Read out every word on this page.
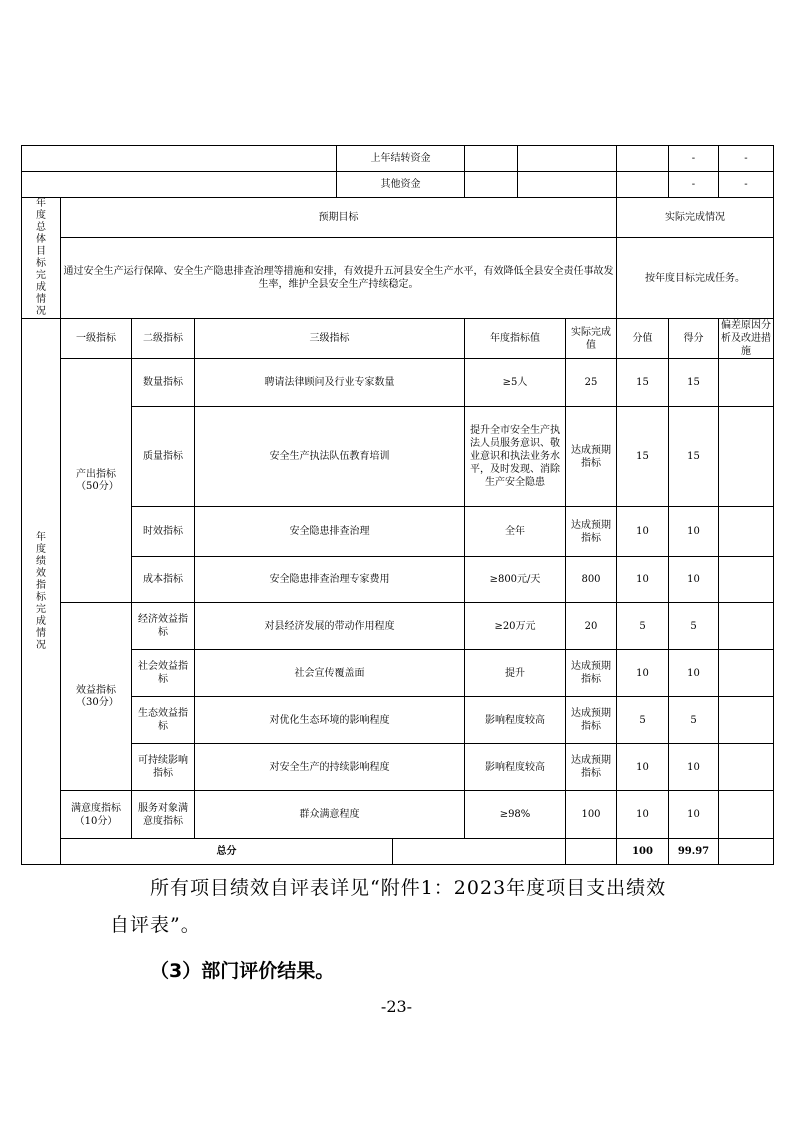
				上年结转资金						-	-
				其他资金						-	-
年度总体目标完成情况	预期目标								实际完成情况		
	通过安全生产运行保障、安全生产隐患排查治理等措施和安排，有效提升五河县安全生产水平，有效降低全县安全责任事故发生率，维护全县安全生产持续稳定。								按年度目标完成任务。		
年度绩效指标完成情况	一级指标	二级指标	三级指标			年度指标值		实际完成值	分值	得分	偏差原因分析及改进措施
	产出指标（50分）	数量指标	聘请法律顾问及行业专家数量			≥5人		25	15	15	
		质量指标	安全生产执法队伍教育培训			提升全市安全生产执法人员服务意识、敬业意识和执法业务水平，及时发现、消除生产安全隐患		达成预期指标	15	15	
		时效指标	安全隐患排查治理			全年		达成预期指标	10	10	
		成本指标	安全隐患排查治理专家费用			≥800元/天		800	10	10	
	效益指标（30分）	经济效益指标	对县经济发展的带动作用程度			≥20万元		20	5	5	
		社会效益指标	社会宣传覆盖面			提升		达成预期指标	10	10	
		生态效益指标	对优化生态环境的影响程度			影响程度较高		达成预期指标	5	5	
		可持续影响指标	对安全生产的持续影响程度			影响程度较高		达成预期指标	10	10	
	满意度指标（10分）	服务对象满意度指标	群众满意程度			≥98%		100	10	10	
	总分								100	99.97	

所有项目绩效自评表详见“附件1：2023年度项目支出绩效

自评表”。

（3）部门评价结果。

-23-
